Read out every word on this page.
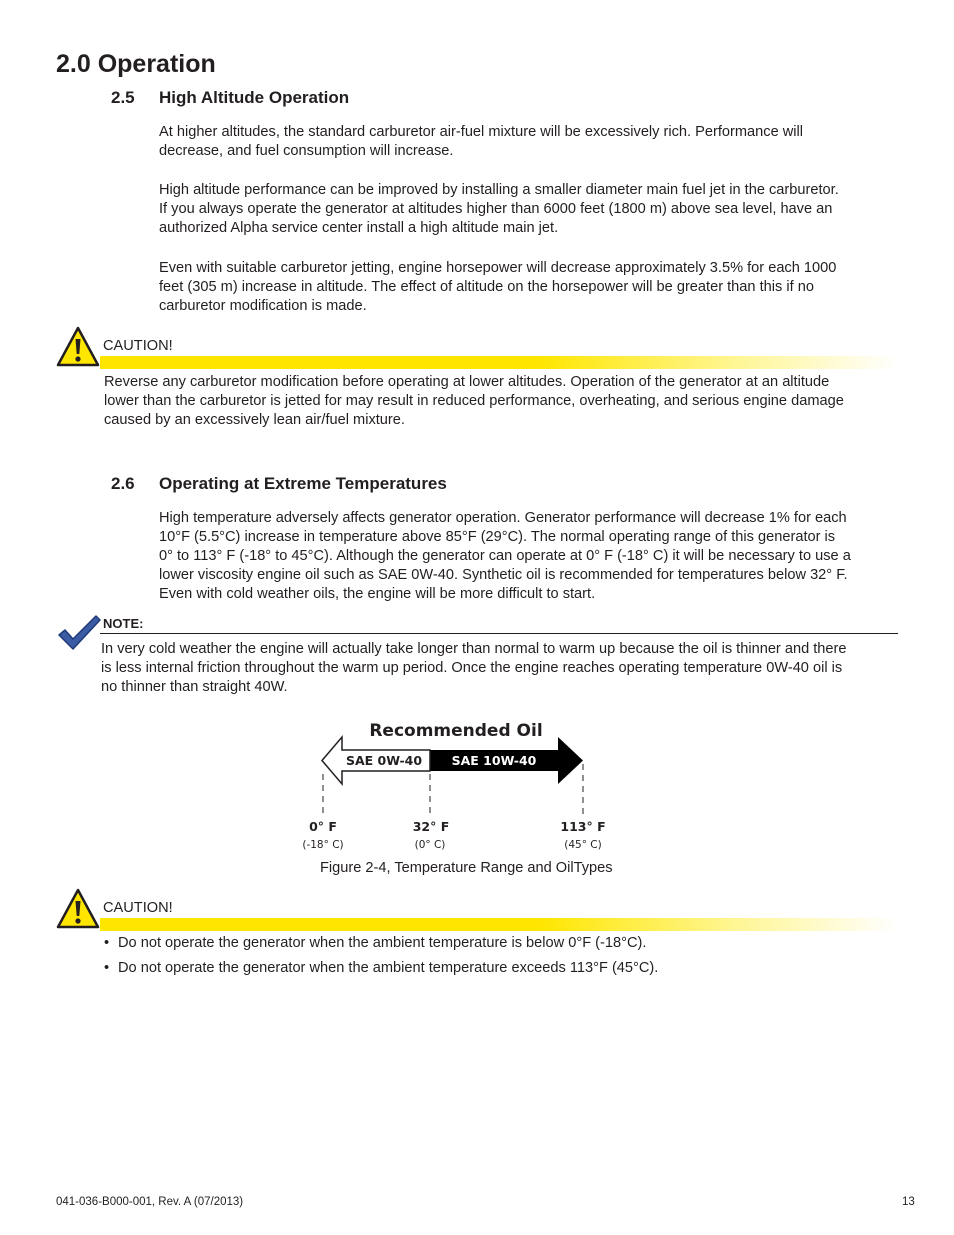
2.0 Operation
2.5 High Altitude Operation
At higher altitudes, the standard carburetor air-fuel mixture will be excessively rich. Performance will
decrease, and fuel consumption will increase.
High altitude performance can be improved by installing a smaller diameter main fuel jet in the carburetor.
If you always operate the generator at altitudes higher than 6000 feet (1800 m) above sea level, have an
authorized Alpha service center install a high altitude main jet.
Even with suitable carburetor jetting, engine horsepower will decrease approximately 3.5% for each 1000
feet (305 m) increase in altitude. The effect of altitude on the horsepower will be greater than this if no
carburetor modification is made.
CAUTION!
Reverse any carburetor modification before operating at lower altitudes. Operation of the generator at an altitude
lower than the carburetor is jetted for may result in reduced performance, overheating, and serious engine damage
caused by an excessively lean air/fuel mixture.
2.6 Operating at Extreme Temperatures
High temperature adversely affects generator operation. Generator performance will decrease 1% for each
10°F (5.5°C) increase in temperature above 85°F (29°C). The normal operating range of this generator is
0° to 113° F (-18° to 45°C). Although the generator can operate at 0° F (-18° C) it will be necessary to use a
lower viscosity engine oil such as SAE 0W-40. Synthetic oil is recommended for temperatures below 32° F.
Even with cold weather oils, the engine will be more difficult to start.
NOTE:
In very cold weather the engine will actually take longer than normal to warm up because the oil is thinner and there
is less internal friction throughout the warm up period. Once the engine reaches operating temperature 0W-40 oil is
no thinner than straight 40W.
Recommended Oil
SAE 0W-40 SAE 10W-40
0° F
(-18° C)
32° F
(0° C)
113° F
(45° C)
Figure 2-4, Temperature Range and OilTypes
CAUTION!
• Do not operate the generator when the ambient temperature is below 0°F (-18°C).
• Do not operate the generator when the ambient temperature exceeds 113°F (45°C).
041-036-B000-001, Rev. A (07/2013)	13
